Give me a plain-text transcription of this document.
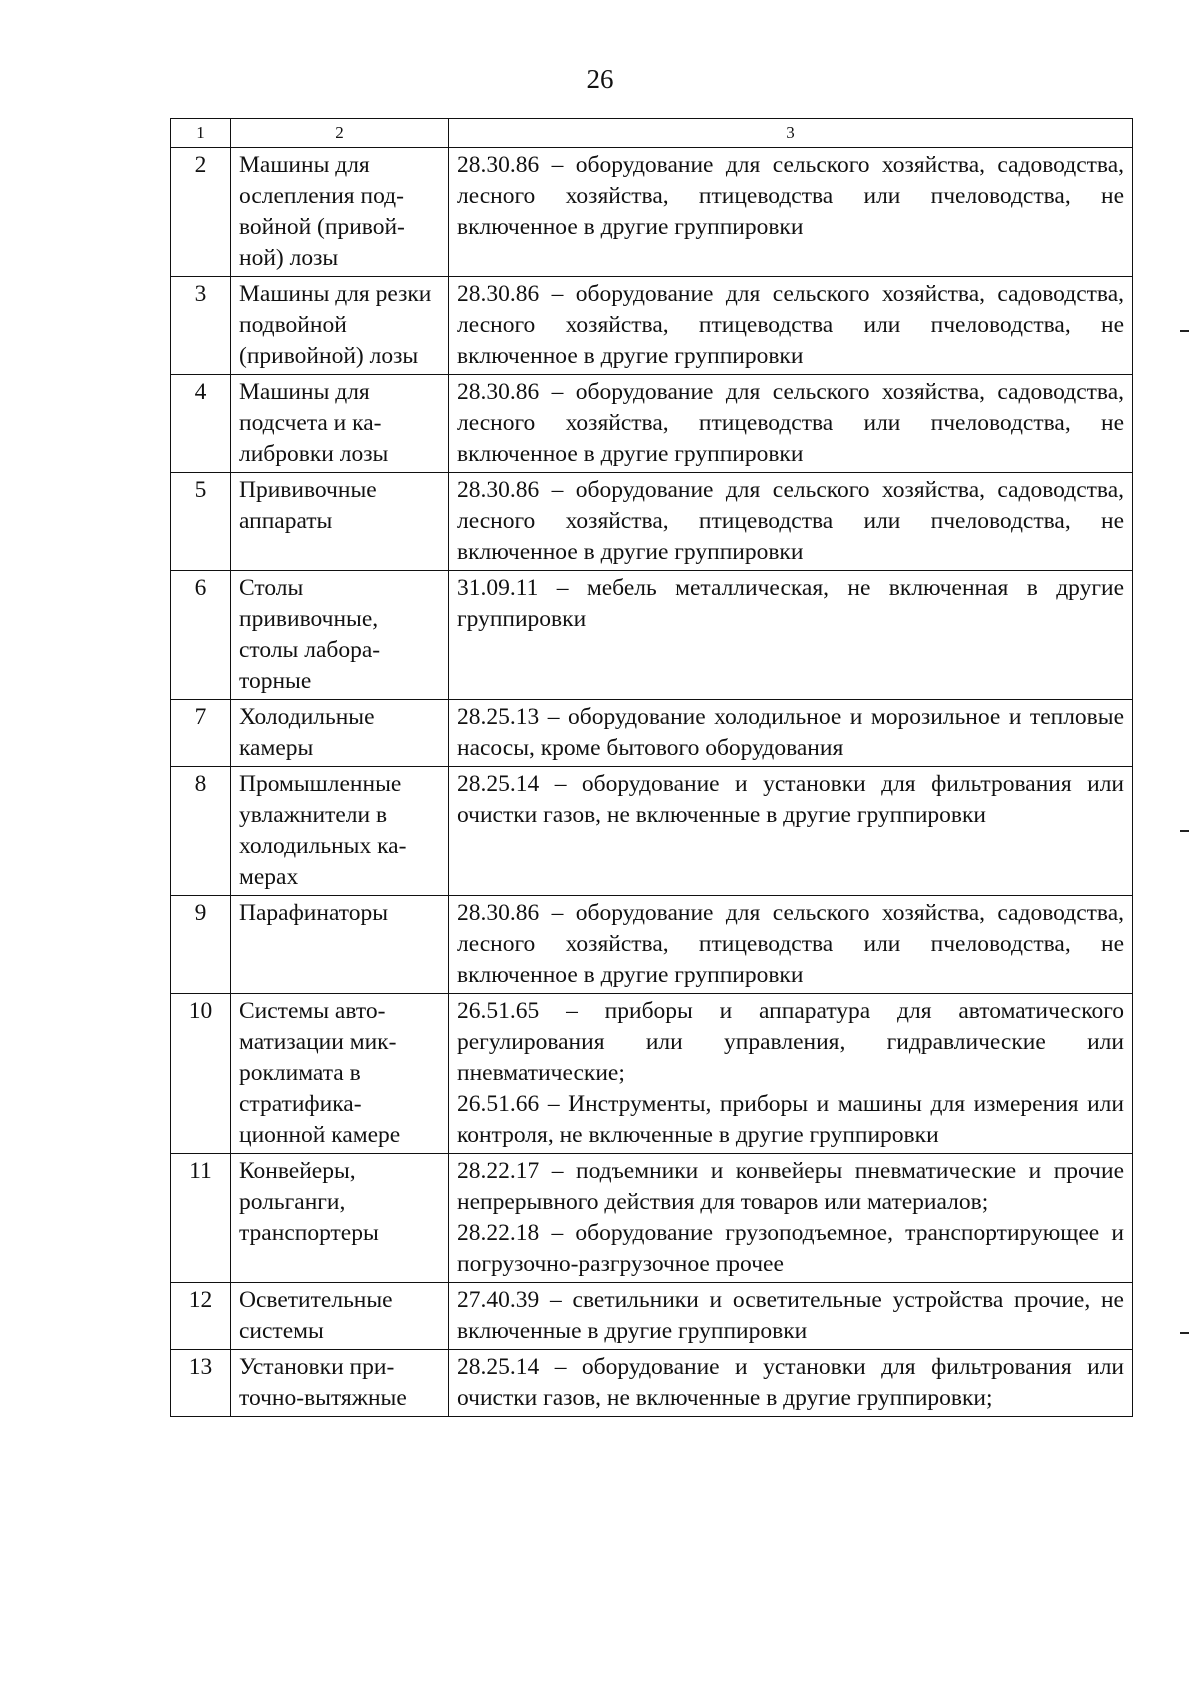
26
1	2	3
2	Машины для ослепления подвойной (привойной) лозы	28.30.86 – оборудование для сельского хозяйства, садоводства, лесного хозяйства, птицеводства или пчеловодства, не включенное в другие группировки

3	Машины для резки подвойной (привойной) лозы	28.30.86 – оборудование для сельского хозяйства, садоводства, лесного хозяйства, птицеводства или пчеловодства, не включенное в другие группировки

4	Машины для подсчета и калибровки лозы	28.30.86 – оборудование для сельского хозяйства, садоводства, лесного хозяйства, птицеводства или пчеловодства, не включенное в другие группировки

5	Прививочные аппараты	28.30.86 – оборудование для сельского хозяйства, садоводства, лесного хозяйства, птицеводства или пчеловодства, не включенное в другие группировки

6	Столы прививочные, столы лабораторные	31.09.11 – мебель металлическая, не включенная в другие группировки

7	Холодильные камеры	28.25.13 – оборудование холодильное и морозильное и тепловые насосы, кроме бытового оборудования

8	Промышленные увлажнители в холодильных камерах	28.25.14 – оборудование и установки для фильтрования или очистки газов, не включенные в другие группировки

9	Парафинаторы	28.30.86 – оборудование для сельского хозяйства, садоводства, лесного хозяйства, птицеводства или пчеловодства, не включенное в другие группировки

10	Системы автоматизации микроклимата в стратификационной камере	26.51.65 – приборы и аппаратура для автоматического регулирования или управления, гидравлические или пневматические;
26.51.66 – Инструменты, приборы и машины для измерения или контроля, не включенные в другие группировки

11	Конвейеры, рольганги, транспортеры	28.22.17 – подъемники и конвейеры пневматические и прочие непрерывного действия для товаров или материалов;
28.22.18 – оборудование грузоподъемное, транспортирующее и погрузочно-разгрузочное прочее

12	Осветительные системы	27.40.39 – светильники и осветительные устройства прочие, не включенные в другие группировки

13	Установки приточно-вытяжные	28.25.14 – оборудование и установки для фильтрования или очистки газов, не включенные в другие группировки;
